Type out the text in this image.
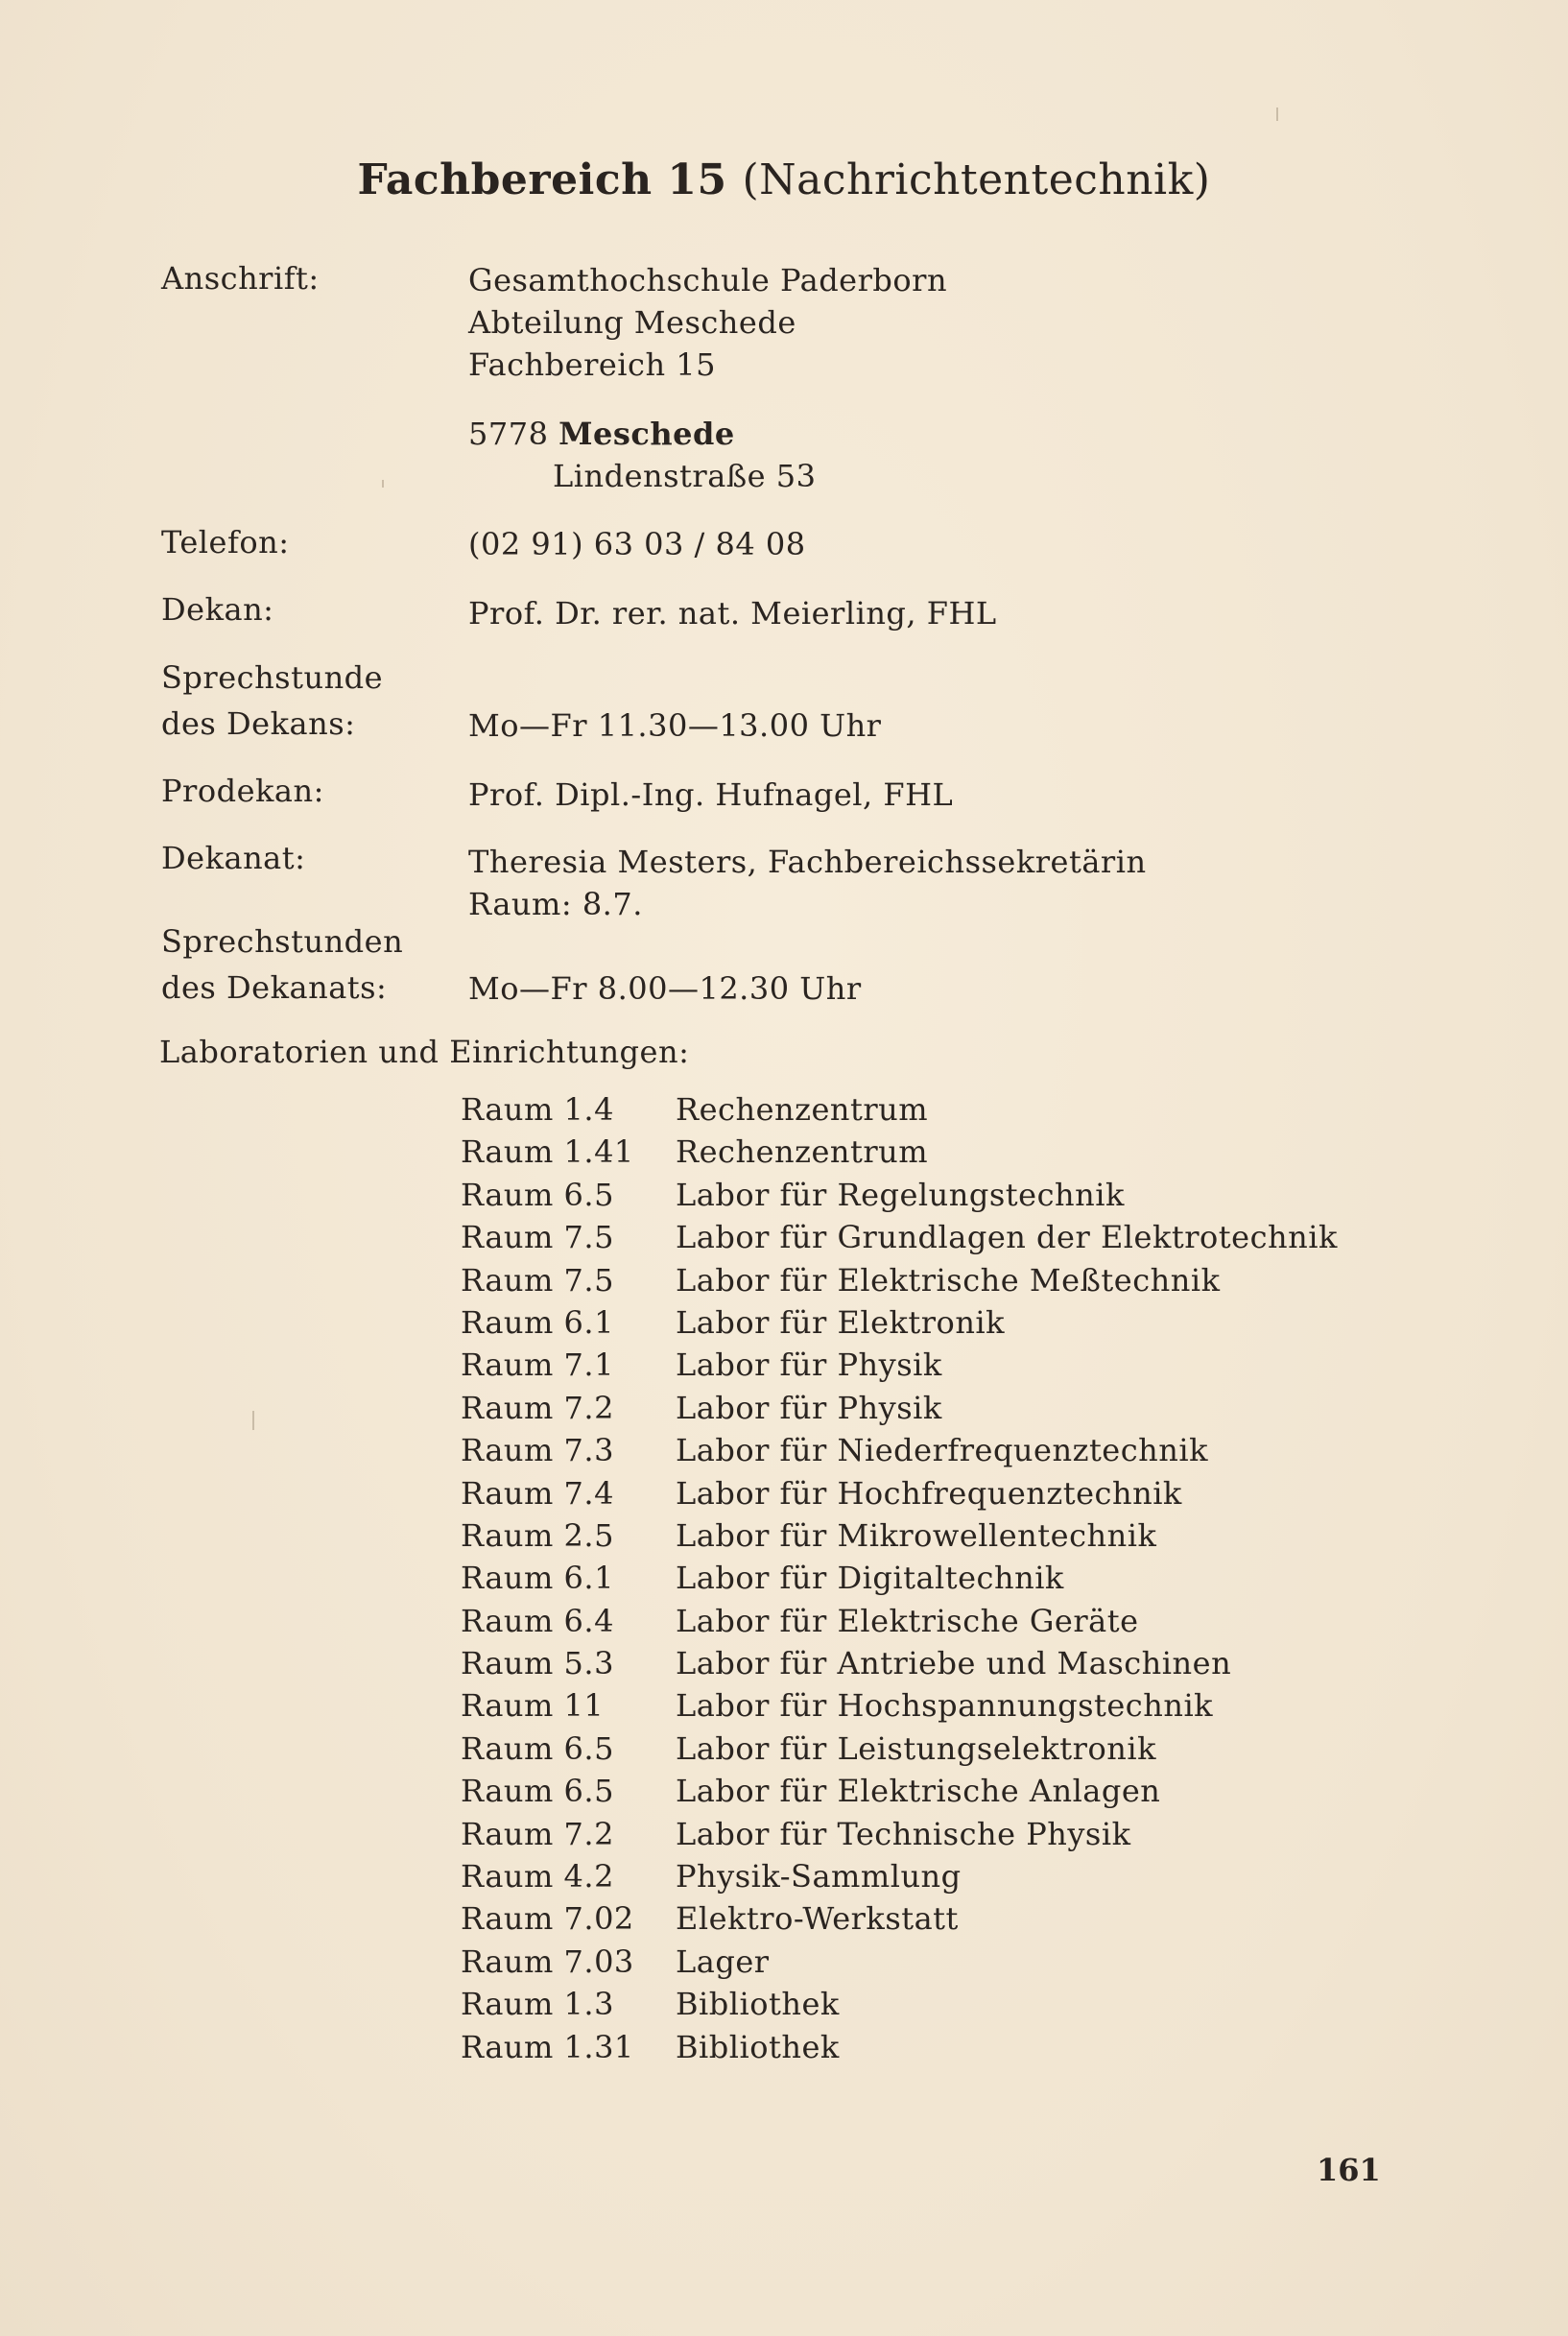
Fachbereich 15 (Nachrichtentechnik)
Anschrift:	Gesamthochschule Paderborn
Abteilung Meschede
Fachbereich 15
5778 Meschede
Lindenstraße 53
Telefon:	(02 91) 63 03 / 84 08
Dekan:	Prof. Dr. rer. nat. Meierling, FHL
Sprechstunde
des Dekans:	Mo—Fr 11.30—13.00 Uhr
Prodekan:	Prof. Dipl.-Ing. Hufnagel, FHL
Dekanat:	Theresia Mesters, Fachbereichssekretärin
Raum: 8.7.
Sprechstunden
des Dekanats:	Mo—Fr 8.00—12.30 Uhr
Laboratorien und Einrichtungen:
Raum 1.4 Rechenzentrum
Raum 1.41 Rechenzentrum
Raum 6.5 Labor für Regelungstechnik
Raum 7.5 Labor für Grundlagen der Elektrotechnik
Raum 7.5 Labor für Elektrische Meßtechnik
Raum 6.1 Labor für Elektronik
Raum 7.1 Labor für Physik
Raum 7.2 Labor für Physik
Raum 7.3 Labor für Niederfrequenztechnik
Raum 7.4 Labor für Hochfrequenztechnik
Raum 2.5 Labor für Mikrowellentechnik
Raum 6.1 Labor für Digitaltechnik
Raum 6.4 Labor für Elektrische Geräte
Raum 5.3 Labor für Antriebe und Maschinen
Raum 11 Labor für Hochspannungstechnik
Raum 6.5 Labor für Leistungselektronik
Raum 6.5 Labor für Elektrische Anlagen
Raum 7.2 Labor für Technische Physik
Raum 4.2 Physik-Sammlung
Raum 7.02 Elektro-Werkstatt
Raum 7.03 Lager
Raum 1.3 Bibliothek
Raum 1.31 Bibliothek
161
